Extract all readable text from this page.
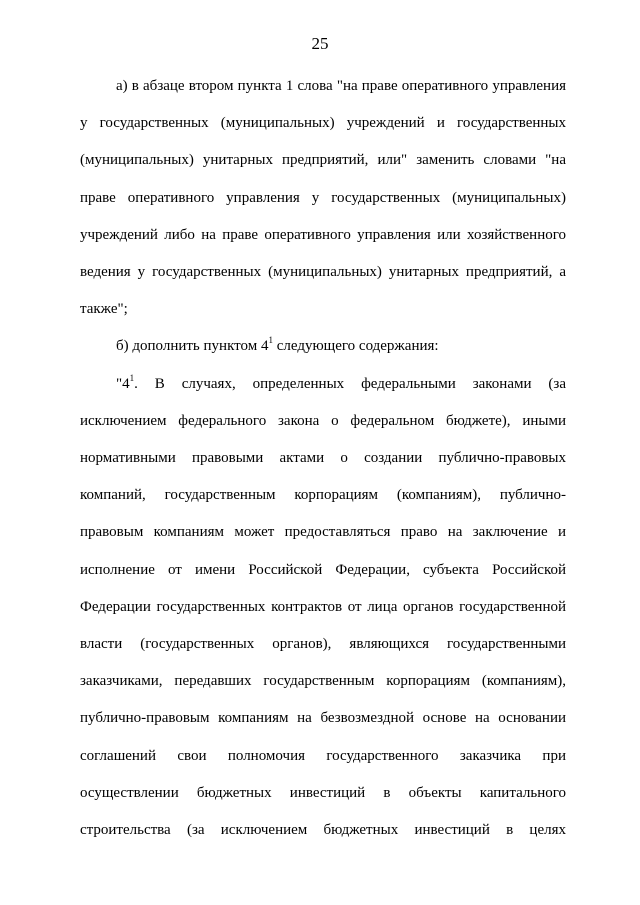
25

а) в абзаце втором пункта 1 слова "на праве оперативного управления у государственных (муниципальных) учреждений и государственных (муниципальных) унитарных предприятий, или" заменить словами "на праве оперативного управления у государственных (муниципальных) учреждений либо на праве оперативного управления или хозяйственного ведения у государственных (муниципальных) унитарных предприятий, а также";

б) дополнить пунктом $4^1$ следующего содержания:

"$4^1$. В случаях, определенных федеральными законами (за исключением федерального закона о федеральном бюджете), иными нормативными правовыми актами о создании публично-правовых компаний, государственным корпорациям (компаниям), публично-правовым компаниям может предоставляться право на заключение и исполнение от имени Российской Федерации, субъекта Российской Федерации государственных контрактов от лица органов государственной власти (государственных органов), являющихся государственными заказчиками, передавших государственным корпорациям (компаниям), публично-правовым компаниям на безвозмездной основе на основании соглашений свои полномочия государственного заказчика при осуществлении бюджетных инвестиций в объекты капитального строительства (за исключением бюджетных инвестиций в целях
